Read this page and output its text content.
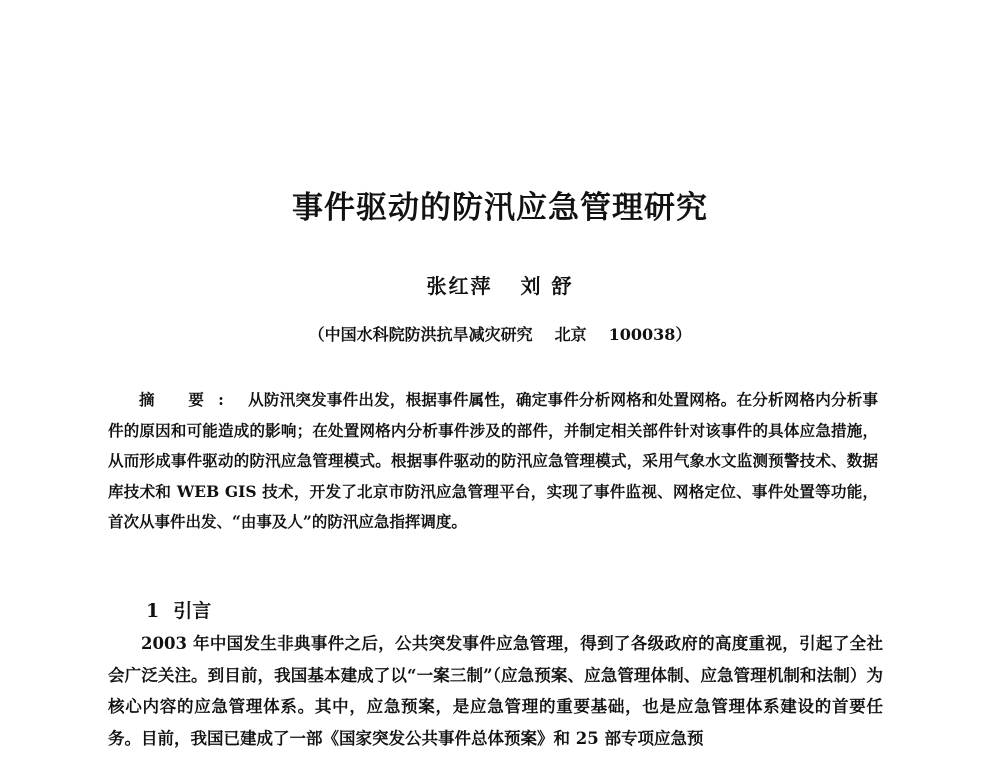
事件驱动的防汛应急管理研究
张红萍 刘 舒
（中国水科院防洪抗旱减灾研究 北京 100038）

摘 要: 从防汛突发事件出发，根据事件属性，确定事件分析网格和处置网格。在分析网格内分析事件的原因和可能造成的影响；在处置网格内分析事件涉及的部件，并制定相关部件针对该事件的具体应急措施，从而形成事件驱动的防汛应急管理模式。根据事件驱动的防汛应急管理模式，采用气象水文监测预警技术、数据库技术和 WEB GIS 技术，开发了北京市防汛应急管理平台，实现了事件监视、网格定位、事件处置等功能，首次从事件出发、“由事及人”的防汛应急指挥调度。

1 引言

2003 年中国发生非典事件之后，公共突发事件应急管理，得到了各级政府的高度重视，引起了全社会广泛关注。到目前，我国基本建成了以“一案三制”（应急预案、应急管理体制、应急管理机制和法制）为核心内容的应急管理体系。其中，应急预案，是应急管理的重要基础，也是应急管理体系建设的首要任务。目前，我国已建成了一部《国家突发公共事件总体预案》和 25 部专项应急预
